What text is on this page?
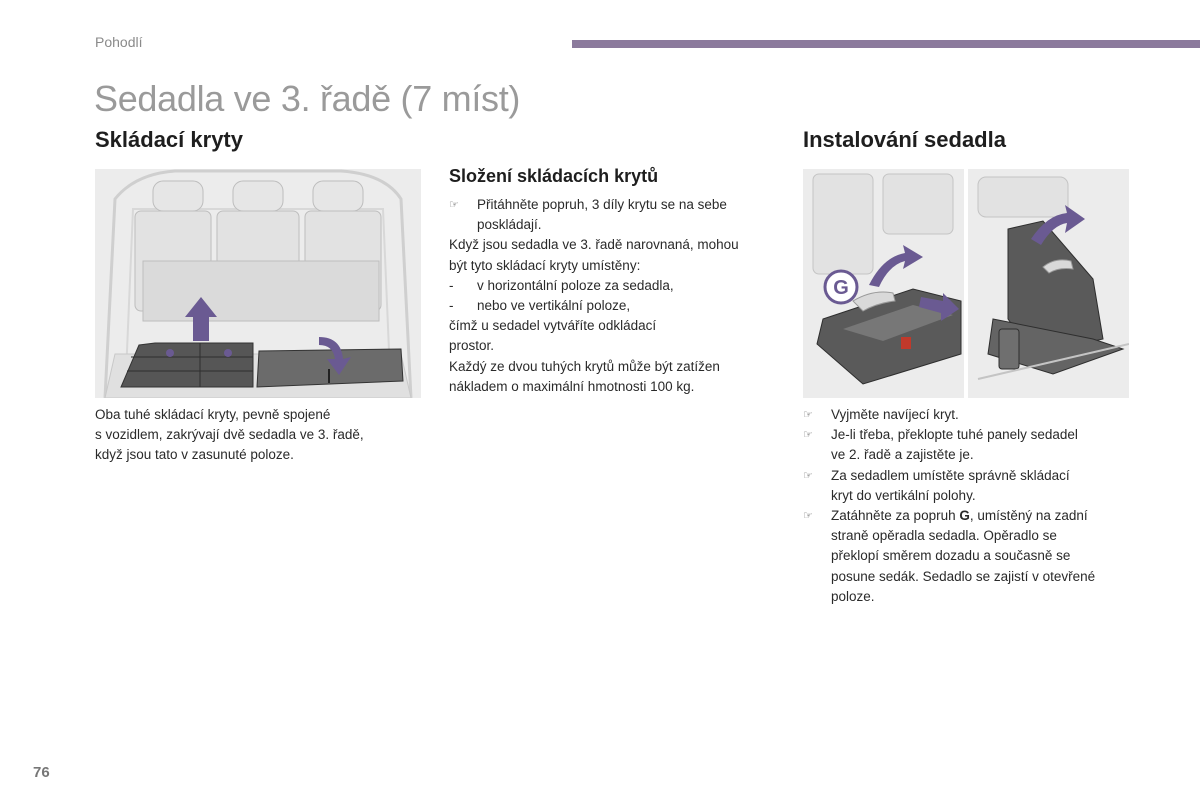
Pohodlí
Sedadla ve 3. řadě (7 míst)
Skládací kryty

Oba tuhé skládací kryty, pevně spojené

s vozidlem, zakrývají dvě sedadla ve 3. řadě,

když jsou tato v zasunuté poloze.

Složení skládacích krytů
☞	Přitáhněte popruh, 3 díly krytu se na sebe

poskládají.

Když jsou sedadla ve 3. řadě narovnaná, mohou

být tyto skládací kryty umístěny:

-	v horizontální poloze za sedadla,
-	nebo ve vertikální poloze,

čímž u sedadel vytváříte odkládací

prostor.

Každý ze dvou tuhých krytů může být zatížen

nákladem o maximální hmotnosti 100 kg.

Instalování sedadla
G
☞	Vyjměte navíjecí kryt.

☞	Je-li třeba, překlopte tuhé panely sedadel

ve 2. řadě a zajistěte je.

☞	Za sedadlem umístěte správně skládací

kryt do vertikální polohy.

☞	Zatáhněte za popruh G, umístěný na zadní

straně opěradla sedadla. Opěradlo se

překlopí směrem dozadu a současně se

posune sedák. Sedadlo se zajistí v otevřené

poloze.

76
